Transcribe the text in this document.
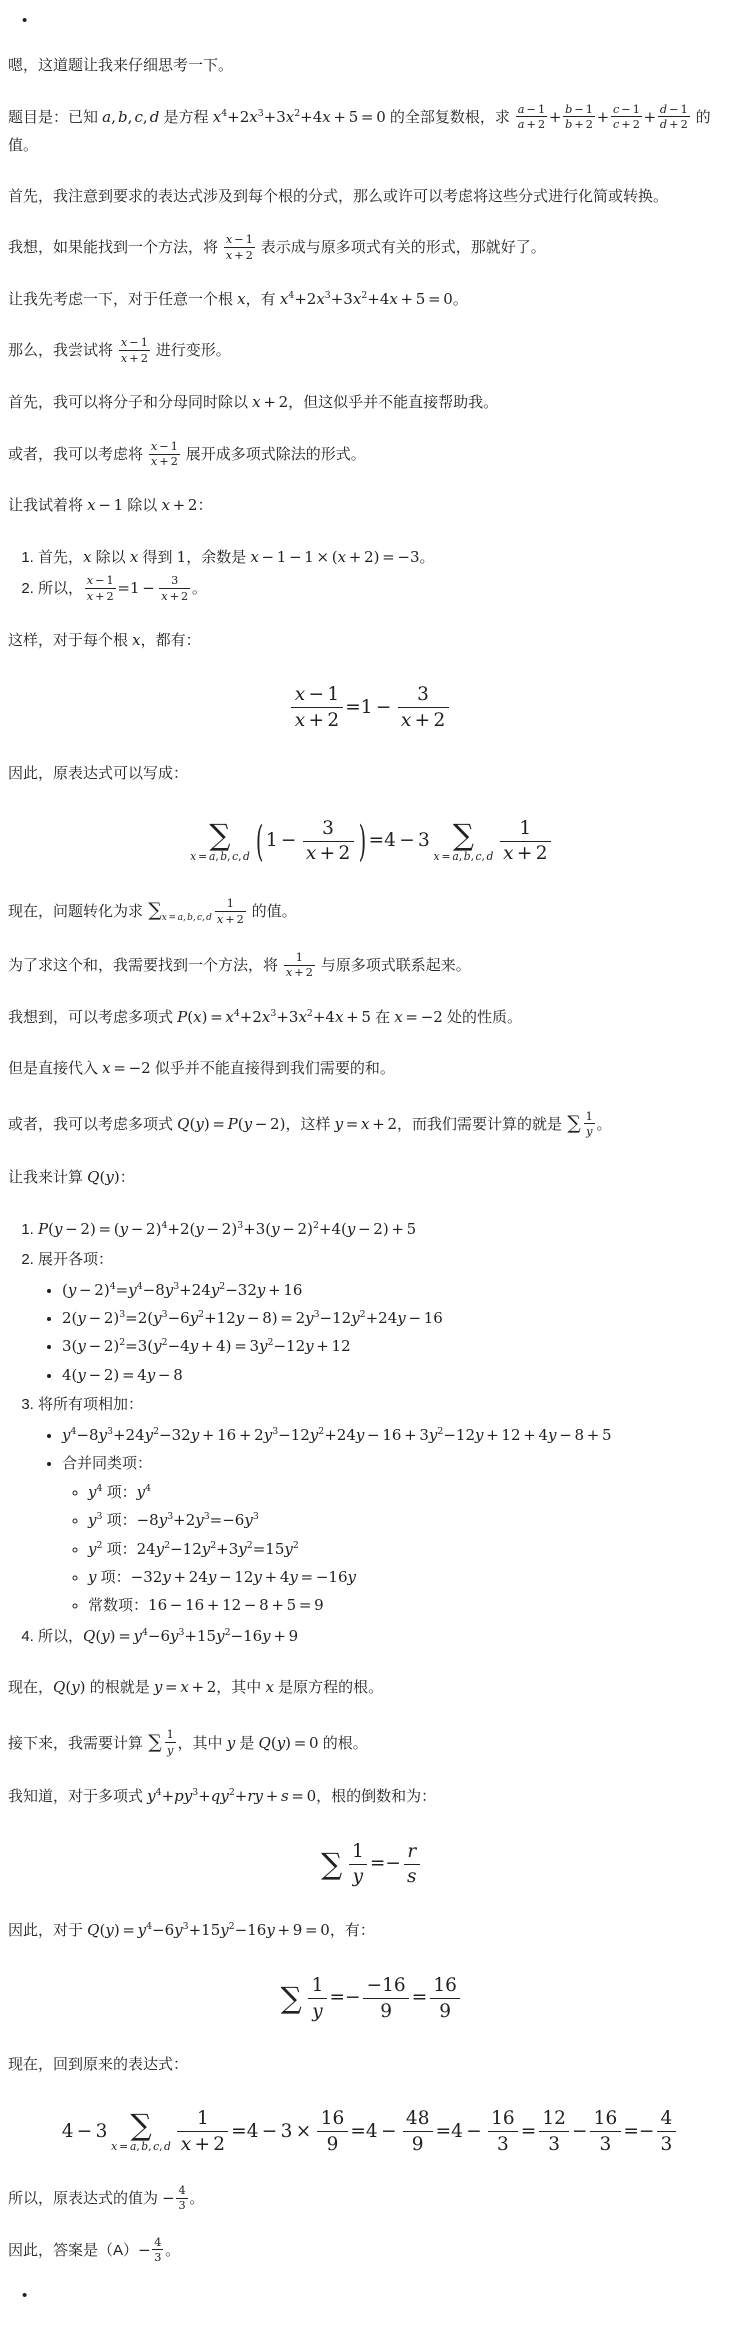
•

嗯，这道题让我来仔细思考一下。

题目是：已知 a, b, c, d 是方程 $x^4+2x^3+3x^2+4x + 5 = 0$ 的全部复数根，求 $\frac{a - 1}{a + 2} + \frac{b - 1}{b + 2} + \frac{c - 1}{c + 2} + \frac{d - 1}{d + 2}$ 的值。

首先，我注意到要求的表达式涉及到每个根的分式，那么或许可以考虑将这些分式进行化简或转换。

我想，如果能找到一个方法，将 $\frac{x - 1}{x + 2}$ 表示成与原多项式有关的形式，那就好了。

让我先考虑一下，对于任意一个根 x，有 $x^4+2x^3+3x^2+4x + 5 = 0$。

那么，我尝试将 $\frac{x - 1}{x + 2}$ 进行变形。

首先，我可以将分子和分母同时除以 x + 2，但这似乎并不能直接帮助我。

或者，我可以考虑将 $\frac{x - 1}{x + 2}$ 展开成多项式除法的形式。

让我试着将 x − 1 除以 x + 2：

1. 首先，x 除以 x 得到 1，余数是 x − 1 − 1 × (x + 2) = −3。
2. 所以， $\frac{x - 1}{x + 2} =1 - \frac{3}{x + 2}$ 。

这样，对于每个根 x，都有：

$\frac{x - 1}{x + 2} =1 - \frac{3}{x + 2}$

因此，原表达式可以写成：

∑
x = a, b, c, d ( $1 - \frac{3}{x + 2}$ ) =4 − 3 ∑
x = a, b, c, d $\frac{1}{x + 2}$

现在，问题转化为求 $\sum_{x = a,b,c,d} \frac{1}{x + 2}$ 的值。

为了求这个和，我需要找到一个方法，将 $\frac{1}{x + 2}$ 与原多项式联系起来。

我想到，可以考虑多项式 $P(x) = x^4+2x^3+3x^2+4x + 5$ 在 x = −2 处的性质。

但是直接代入 x = −2 似乎并不能直接得到我们需要的和。

或者，我可以考虑多项式 Q(y) = P(y − 2)，这样 y = x + 2，而我们需要计算的就是 ∑ $\frac{1}{y}$ 。

让我来计算 Q(y)：

1. $P(y - 2) = (y - 2)^4+2(y - 2)^3+3(y - 2)^2+4(y - 2) + 5$
2. 展开各项：
• $(y - 2)^4=y^4-8y^3+24y^2-32y + 16$
• $2(y - 2)^3=2(y^3-6y^2+12y - 8) = 2y^3-12y^2+24y - 16$
• $3(y - 2)^2=3(y^2-4y + 4) = 3y^2-12y + 12$
• 4(y − 2) = 4y − 8
3. 将所有项相加：
• $y^4-8y^3+24y^2-32y + 16 + 2y^3-12y^2+24y - 16 + 3y^2-12y + 12 + 4y - 8 + 5$
• 合并同类项：
◦ $y^4$ 项：$y^4$
◦ $y^3$ 项：$-8y^3+2y^3=-6y^3$
◦ $y^2$ 项：$24y^2-12y^2+3y^2=15y^2$
◦ y 项：−32y + 24y − 12y + 4y = −16y
◦ 常数项：16 − 16 + 12 − 8 + 5 = 9
4. 所以，$Q(y) = y^4-6y^3+15y^2-16y + 9$

现在，Q(y) 的根就是 y = x + 2，其中 x 是原方程的根。

接下来，我需要计算 ∑ $\frac{1}{y}$ ，其中 y 是 Q(y) = 0 的根。

我知道，对于多项式 $y^4+py^3+qy^2+ry + s = 0$，根的倒数和为：

∑ $\frac{1}{y} =- \frac{r}{s}$

因此，对于 $Q(y) = y^4-6y^3+15y^2-16y + 9 = 0$，有：

∑ $\frac{1}{y} =- \frac{-16}{9} = \frac{16}{9}$

现在，回到原来的表达式：

4 − 3 ∑
x = a, b, c, d $\frac{1}{x + 2} =4 - 3 \times \frac{16}{9} =4 - \frac{48}{9} =4 - \frac{16}{3} = \frac{12}{3} - \frac{16}{3} =- \frac{4}{3}$

所以，原表达式的值为 − $\frac{4}{3}$ 。

因此，答案是$(A)- \frac{4}{3}$ 。

•
